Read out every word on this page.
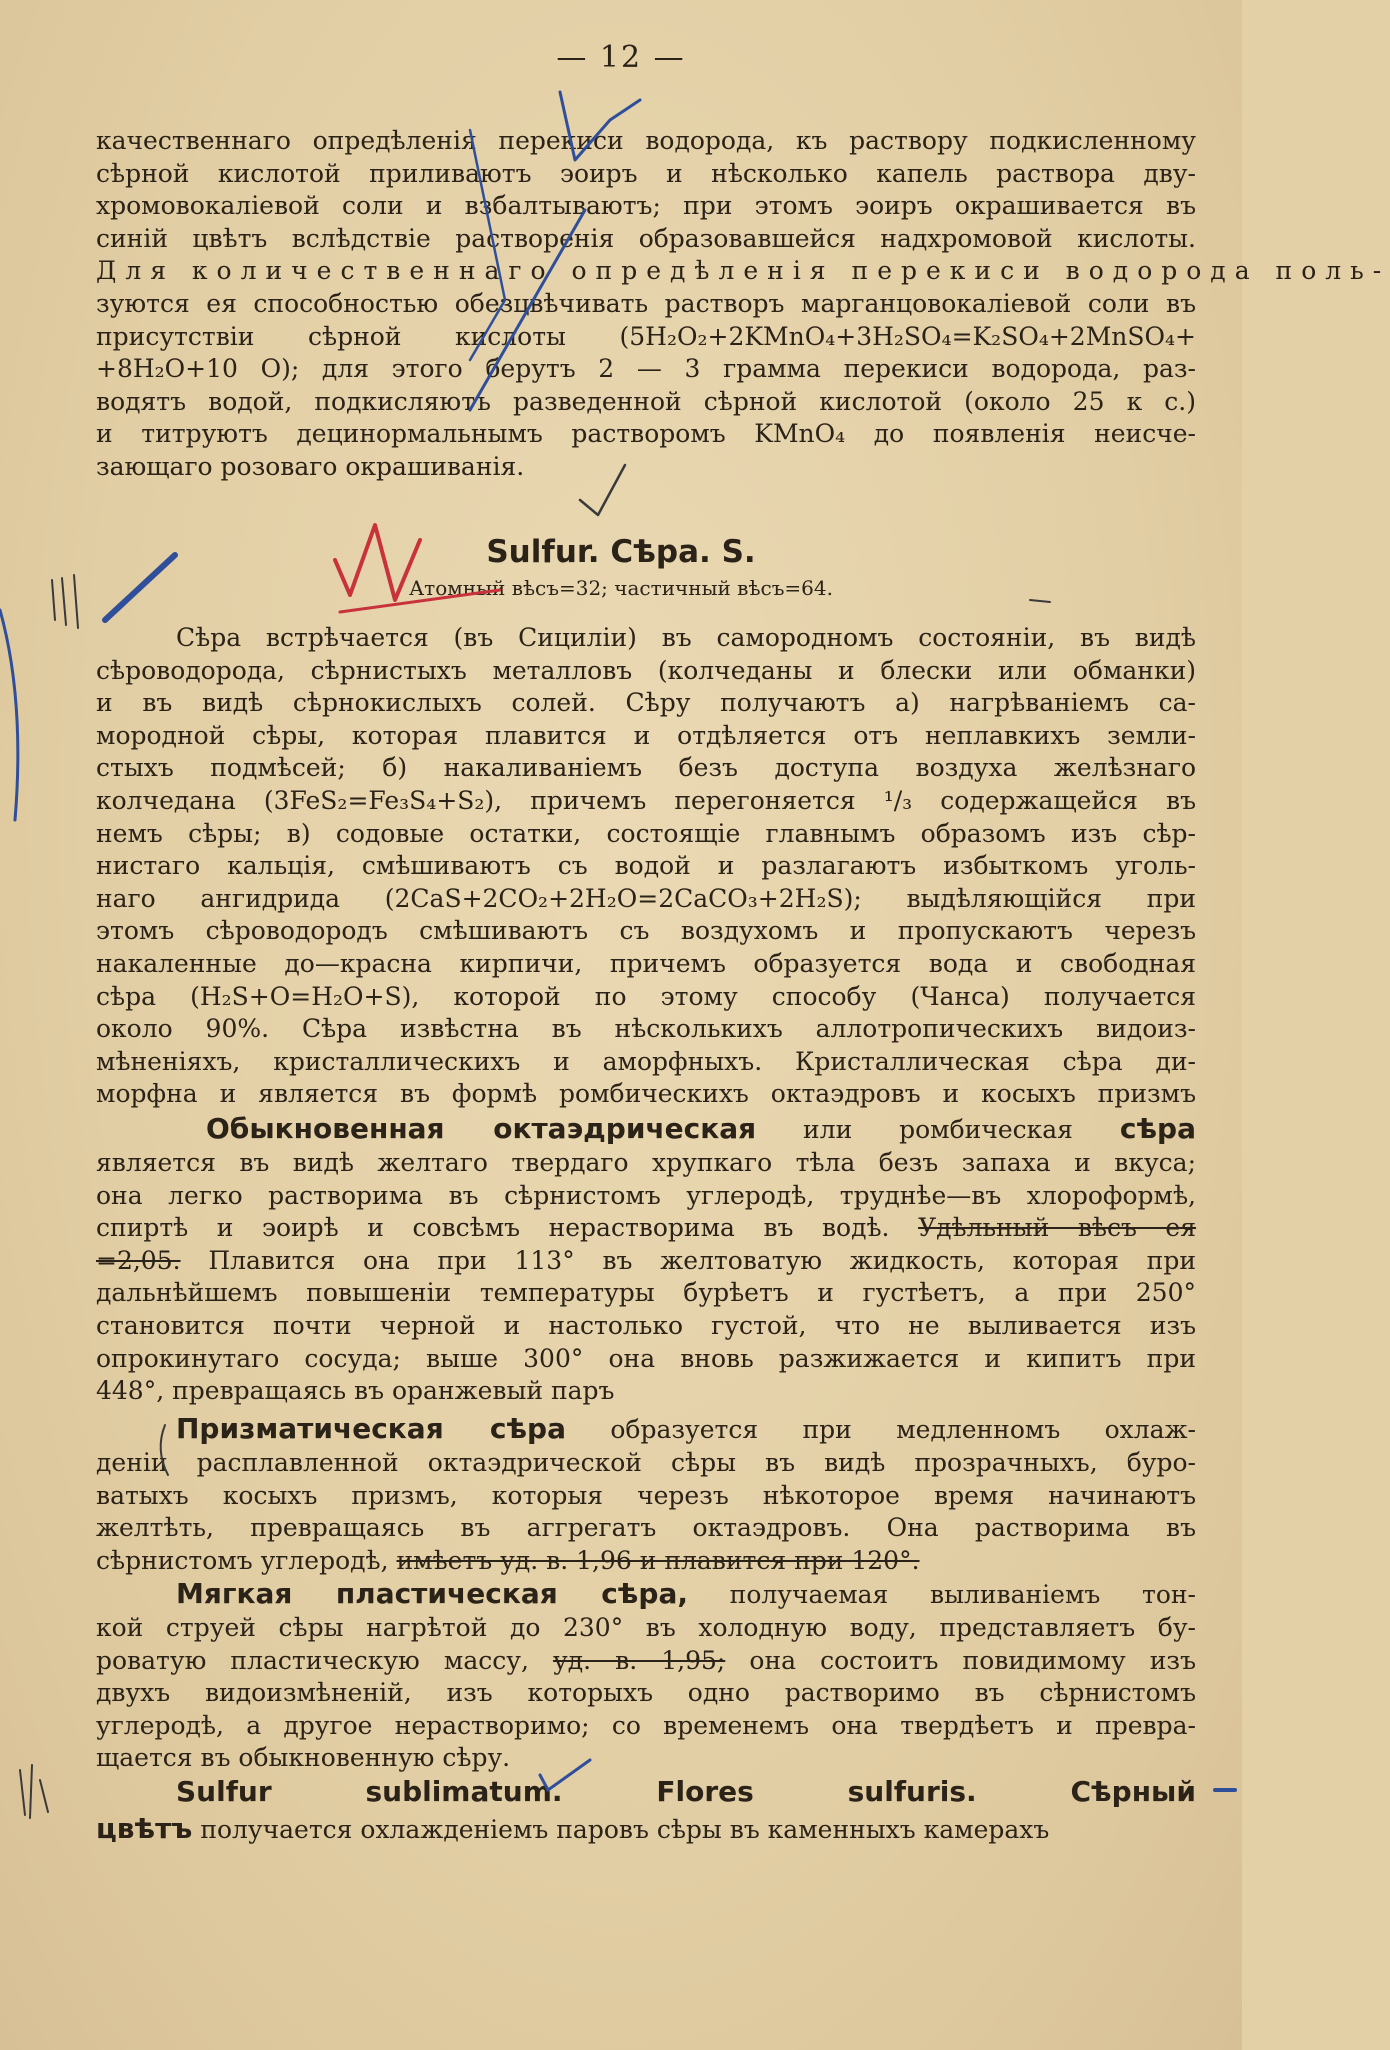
— 12 —
качественнаго опредѣленія перекиси водорода, къ раствору подкисленному
сѣрной кислотой приливаютъ эоиръ и нѣсколько капель раствора дву-
хромовокаліевой соли и взбалтываютъ; при этомъ эоиръ окрашивается въ
синій цвѣтъ вслѣдствіе растворенія образовавшейся надхромовой кислоты.
Для количественнаго опредѣленія перекиси водорода поль-
зуются ея способностью обезцвѣчивать растворъ марганцовокаліевой соли въ
присутствіи сѣрной кислоты (5H₂O₂+2KMnO₄+3H₂SO₄=K₂SO₄+2MnSO₄+
+8H₂O+10 O); для этого берутъ 2 — 3 грамма перекиси водорода, раз-
водятъ водой, подкисляютъ разведенной сѣрной кислотой (около 25 к с.)
и титруютъ децинормальнымъ растворомъ KMnO₄ до появленія неисче-
зающаго розоваго окрашиванія.
Sulfur. Сѣра. S.
Атомный вѣсъ=32; частичный вѣсъ=64.
Сѣра встрѣчается (въ Сициліи) въ самородномъ состояніи, въ видѣ
сѣроводорода, сѣрнистыхъ металловъ (колчеданы и блески или обманки)
и въ видѣ сѣрнокислыхъ солей. Сѣру получаютъ а) нагрѣваніемъ са-
мородной сѣры, которая плавится и отдѣляется отъ неплавкихъ земли-
стыхъ подмѣсей; б) накаливаніемъ безъ доступа воздуха желѣзнаго
колчедана (3FeS₂=Fe₃S₄+S₂), причемъ перегоняется ¹/₃ содержащейся въ
немъ сѣры; в) содовые остатки, состоящіе главнымъ образомъ изъ сѣр-
нистаго кальція, смѣшиваютъ съ водой и разлагаютъ избыткомъ уголь-
наго ангидрида (2CaS+2CO₂+2H₂O=2CaCO₃+2H₂S); выдѣляющійся при
этомъ сѣроводородъ смѣшиваютъ съ воздухомъ и пропускаютъ черезъ
накаленные до—красна кирпичи, причемъ образуется вода и свободная
сѣра (H₂S+O=H₂O+S), которой по этому способу (Чанса) получается
около 90%. Сѣра извѣстна въ нѣсколькихъ аллотропическихъ видоиз-
мѣненіяхъ, кристаллическихъ и аморфныхъ. Кристаллическая сѣра ди-
морфна и является въ формѣ ромбическихъ октаэдровъ и косыхъ призмъ
Обыкновенная октаэдрическая или ромбическая сѣра
является въ видѣ желтаго твердаго хрупкаго тѣла безъ запаха и вкуса;
она легко растворима въ сѣрнистомъ углеродѣ, труднѣе—въ хлороформѣ,
спиртѣ и эоирѣ и совсѣмъ нерастворима въ водѣ. Удѣльный вѣсъ ея
=2,05. Плавится она при 113° въ желтоватую жидкость, которая при
дальнѣйшемъ повышеніи температуры бурѣетъ и густѣетъ, а при 250°
становится почти черной и настолько густой, что не выливается изъ
опрокинутаго сосуда; выше 300° она вновь разжижается и кипитъ при
448°, превращаясь въ оранжевый паръ
Призматическая сѣра образуется при медленномъ охлаж-
деніи расплавленной октаэдрической сѣры въ видѣ прозрачныхъ, буро-
ватыхъ косыхъ призмъ, которыя черезъ нѣкоторое время начинаютъ
желтѣть, превращаясь въ аггрегатъ октаэдровъ. Она растворима въ
сѣрнистомъ углеродѣ, имѣетъ уд. в. 1,96 и плавится при 120°.
Мягкая пластическая сѣра, получаемая выливаніемъ тон-
кой струей сѣры нагрѣтой до 230° въ холодную воду, представляетъ бу-
роватую пластическую массу, уд. в. 1,95; она состоитъ повидимому изъ
двухъ видоизмѣненій, изъ которыхъ одно растворимо въ сѣрнистомъ
углеродѣ, а другое нерастворимо; со временемъ она твердѣетъ и превра-
щается въ обыкновенную сѣру.
Sulfur sublimatum. Flores sulfuris. Сѣрный
цвѣтъ получается охлажденіемъ паровъ сѣры въ каменныхъ камерахъ
